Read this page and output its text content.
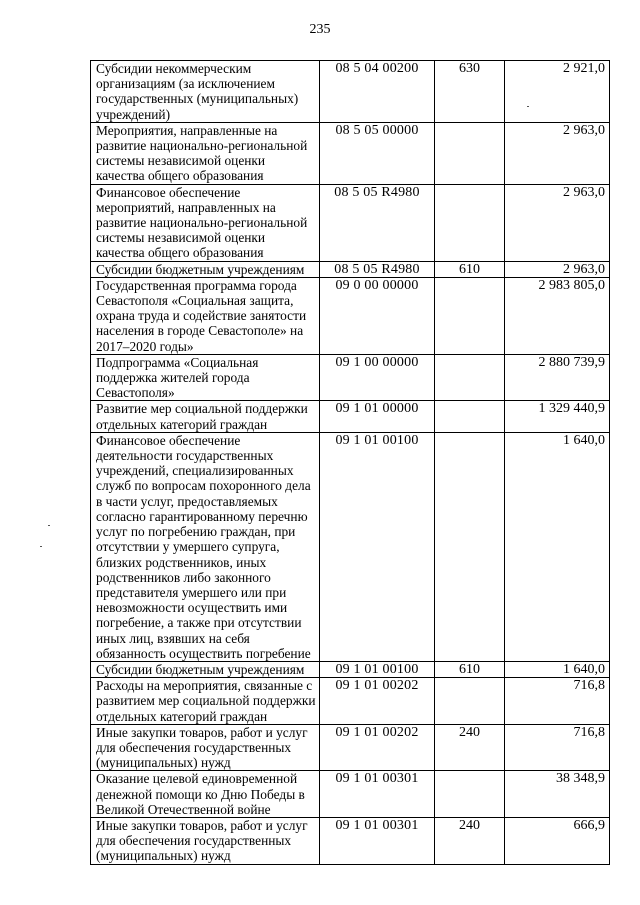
235
Субсидии некоммерческим организациям (за исключением государственных (муниципальных) учреждений)	08 5 04 00200	630	2 921,0
Мероприятия, направленные на развитие национально-региональной системы независимой оценки качества общего образования	08 5 05 00000		2 963,0
Финансовое обеспечение мероприятий, направленных на развитие национально-региональной системы независимой оценки качества общего образования	08 5 05 R4980		2 963,0
Субсидии бюджетным учреждениям	08 5 05 R4980	610	2 963,0
Государственная программа города Севастополя «Социальная защита, охрана труда и содействие занятости населения в городе Севастополе» на 2017–2020 годы»	09 0 00 00000		2 983 805,0
Подпрограмма «Социальная поддержка жителей города Севастополя»	09 1 00 00000		2 880 739,9
Развитие мер социальной поддержки отдельных категорий граждан	09 1 01 00000		1 329 440,9
Финансовое обеспечение деятельности государственных учреждений, специализированных служб по вопросам похоронного дела в части услуг, предоставляемых согласно гарантированному перечню услуг по погребению граждан, при отсутствии у умершего супруга, близких родственников, иных родственников либо законного представителя умершего или при невозможности осуществить ими погребение, а также при отсутствии иных лиц, взявших на себя обязанность осуществить погребение	09 1 01 00100		1 640,0
Субсидии бюджетным учреждениям	09 1 01 00100	610	1 640,0
Расходы на мероприятия, связанные с развитием мер социальной поддержки отдельных категорий граждан	09 1 01 00202		716,8
Иные закупки товаров, работ и услуг для обеспечения государственных (муниципальных) нужд	09 1 01 00202	240	716,8
Оказание целевой единовременной денежной помощи ко Дню Победы в Великой Отечественной войне	09 1 01 00301		38 348,9
Иные закупки товаров, работ и услуг для обеспечения государственных (муниципальных) нужд	09 1 01 00301	240	666,9
